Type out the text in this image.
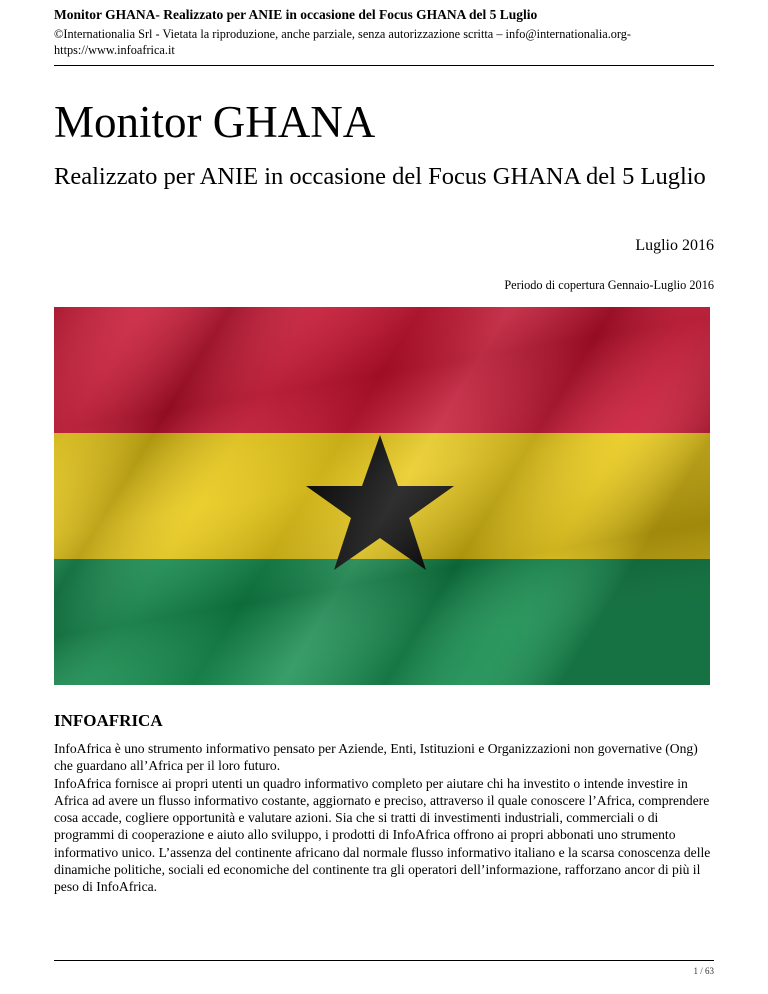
Monitor GHANA- Realizzato per ANIE in occasione del Focus GHANA del 5 Luglio
©Internationalia Srl - Vietata la riproduzione, anche parziale, senza autorizzazione scritta – info@internationalia.org- https://www.infoafrica.it
Monitor GHANA
Realizzato per ANIE in occasione del Focus GHANA del 5 Luglio
Luglio 2016
Periodo di copertura Gennaio-Luglio 2016
INFOAFRICA

InfoAfrica è uno strumento informativo pensato per Aziende, Enti, Istituzioni e Organizzazioni non governative (Ong) che guardano all’Africa per il loro futuro.

InfoAfrica fornisce ai propri utenti un quadro informativo completo per aiutare chi ha investito o intende investire in Africa ad avere un flusso informativo costante, aggiornato e preciso, attraverso il quale conoscere l’Africa, comprendere cosa accade, cogliere opportunità e valutare azioni. Sia che si tratti di investimenti industriali, commerciali o di programmi di cooperazione e aiuto allo sviluppo, i prodotti di InfoAfrica offrono ai propri abbonati uno strumento informativo unico. L’assenza del continente africano dal normale flusso informativo italiano e la scarsa conoscenza delle dinamiche politiche, sociali ed economiche del continente tra gli operatori dell’informazione, rafforzano ancor di più il peso di InfoAfrica.

1 / 63
